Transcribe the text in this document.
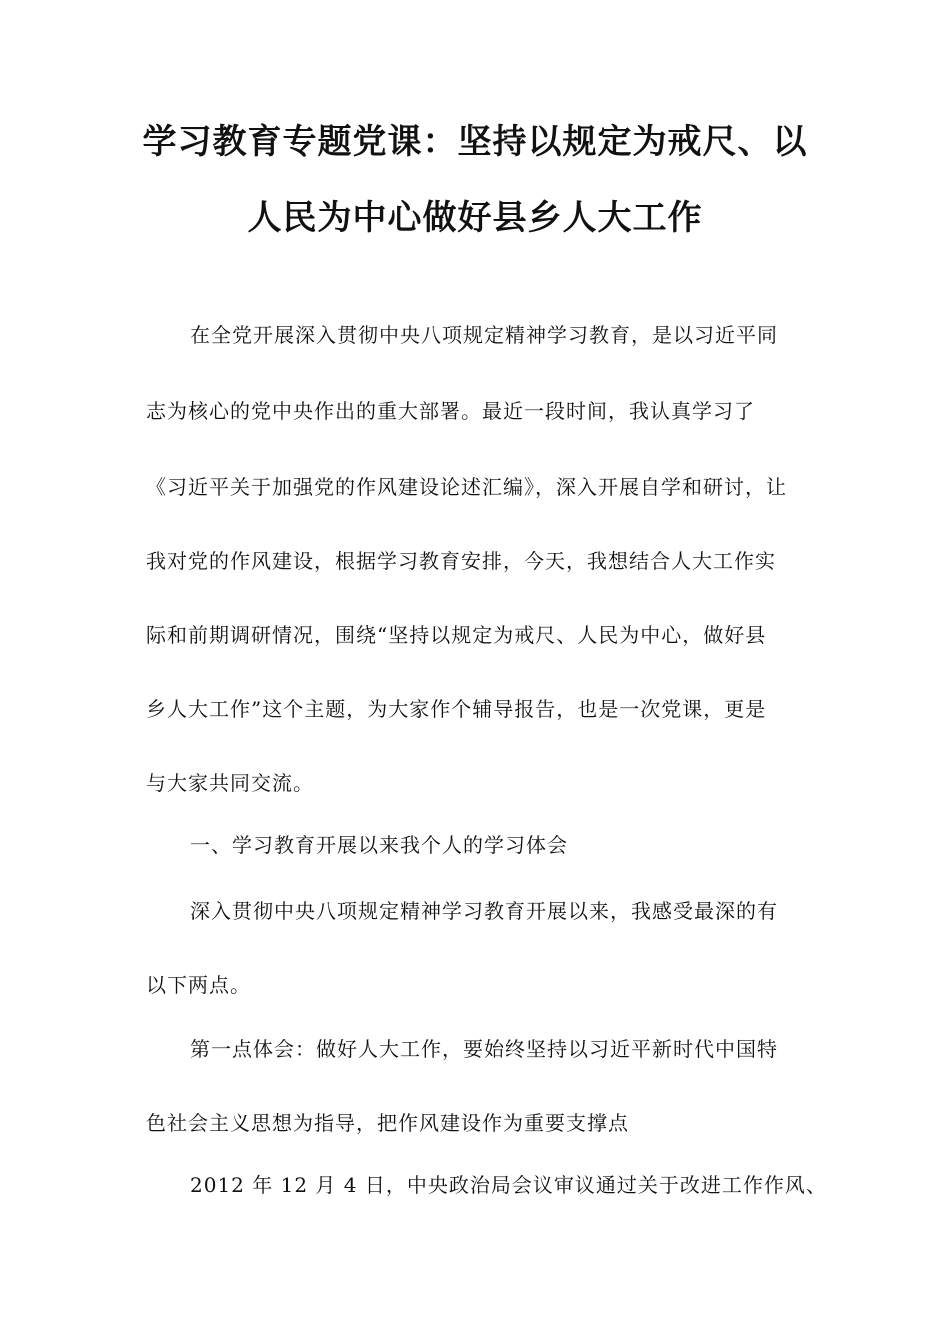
学习教育专题党课：坚持以规定为戒尺、以
人民为中心做好县乡人大工作

在全党开展深入贯彻中央八项规定精神学习教育，是以习近平同

志为核心的党中央作出的重大部署。最近一段时间，我认真学习了

《习近平关于加强党的作风建设论述汇编》，深入开展自学和研讨，让

我对党的作风建设，根据学习教育安排，今天，我想结合人大工作实

际和前期调研情况，围绕“坚持以规定为戒尺、人民为中心，做好县

乡人大工作”这个主题，为大家作个辅导报告，也是一次党课，更是

与大家共同交流。

一、学习教育开展以来我个人的学习体会

深入贯彻中央八项规定精神学习教育开展以来，我感受最深的有

以下两点。

第一点体会：做好人大工作，要始终坚持以习近平新时代中国特

色社会主义思想为指导，把作风建设作为重要支撑点

2012 年 12 月 4 日，中央政治局会议审议通过关于改进工作作风、
